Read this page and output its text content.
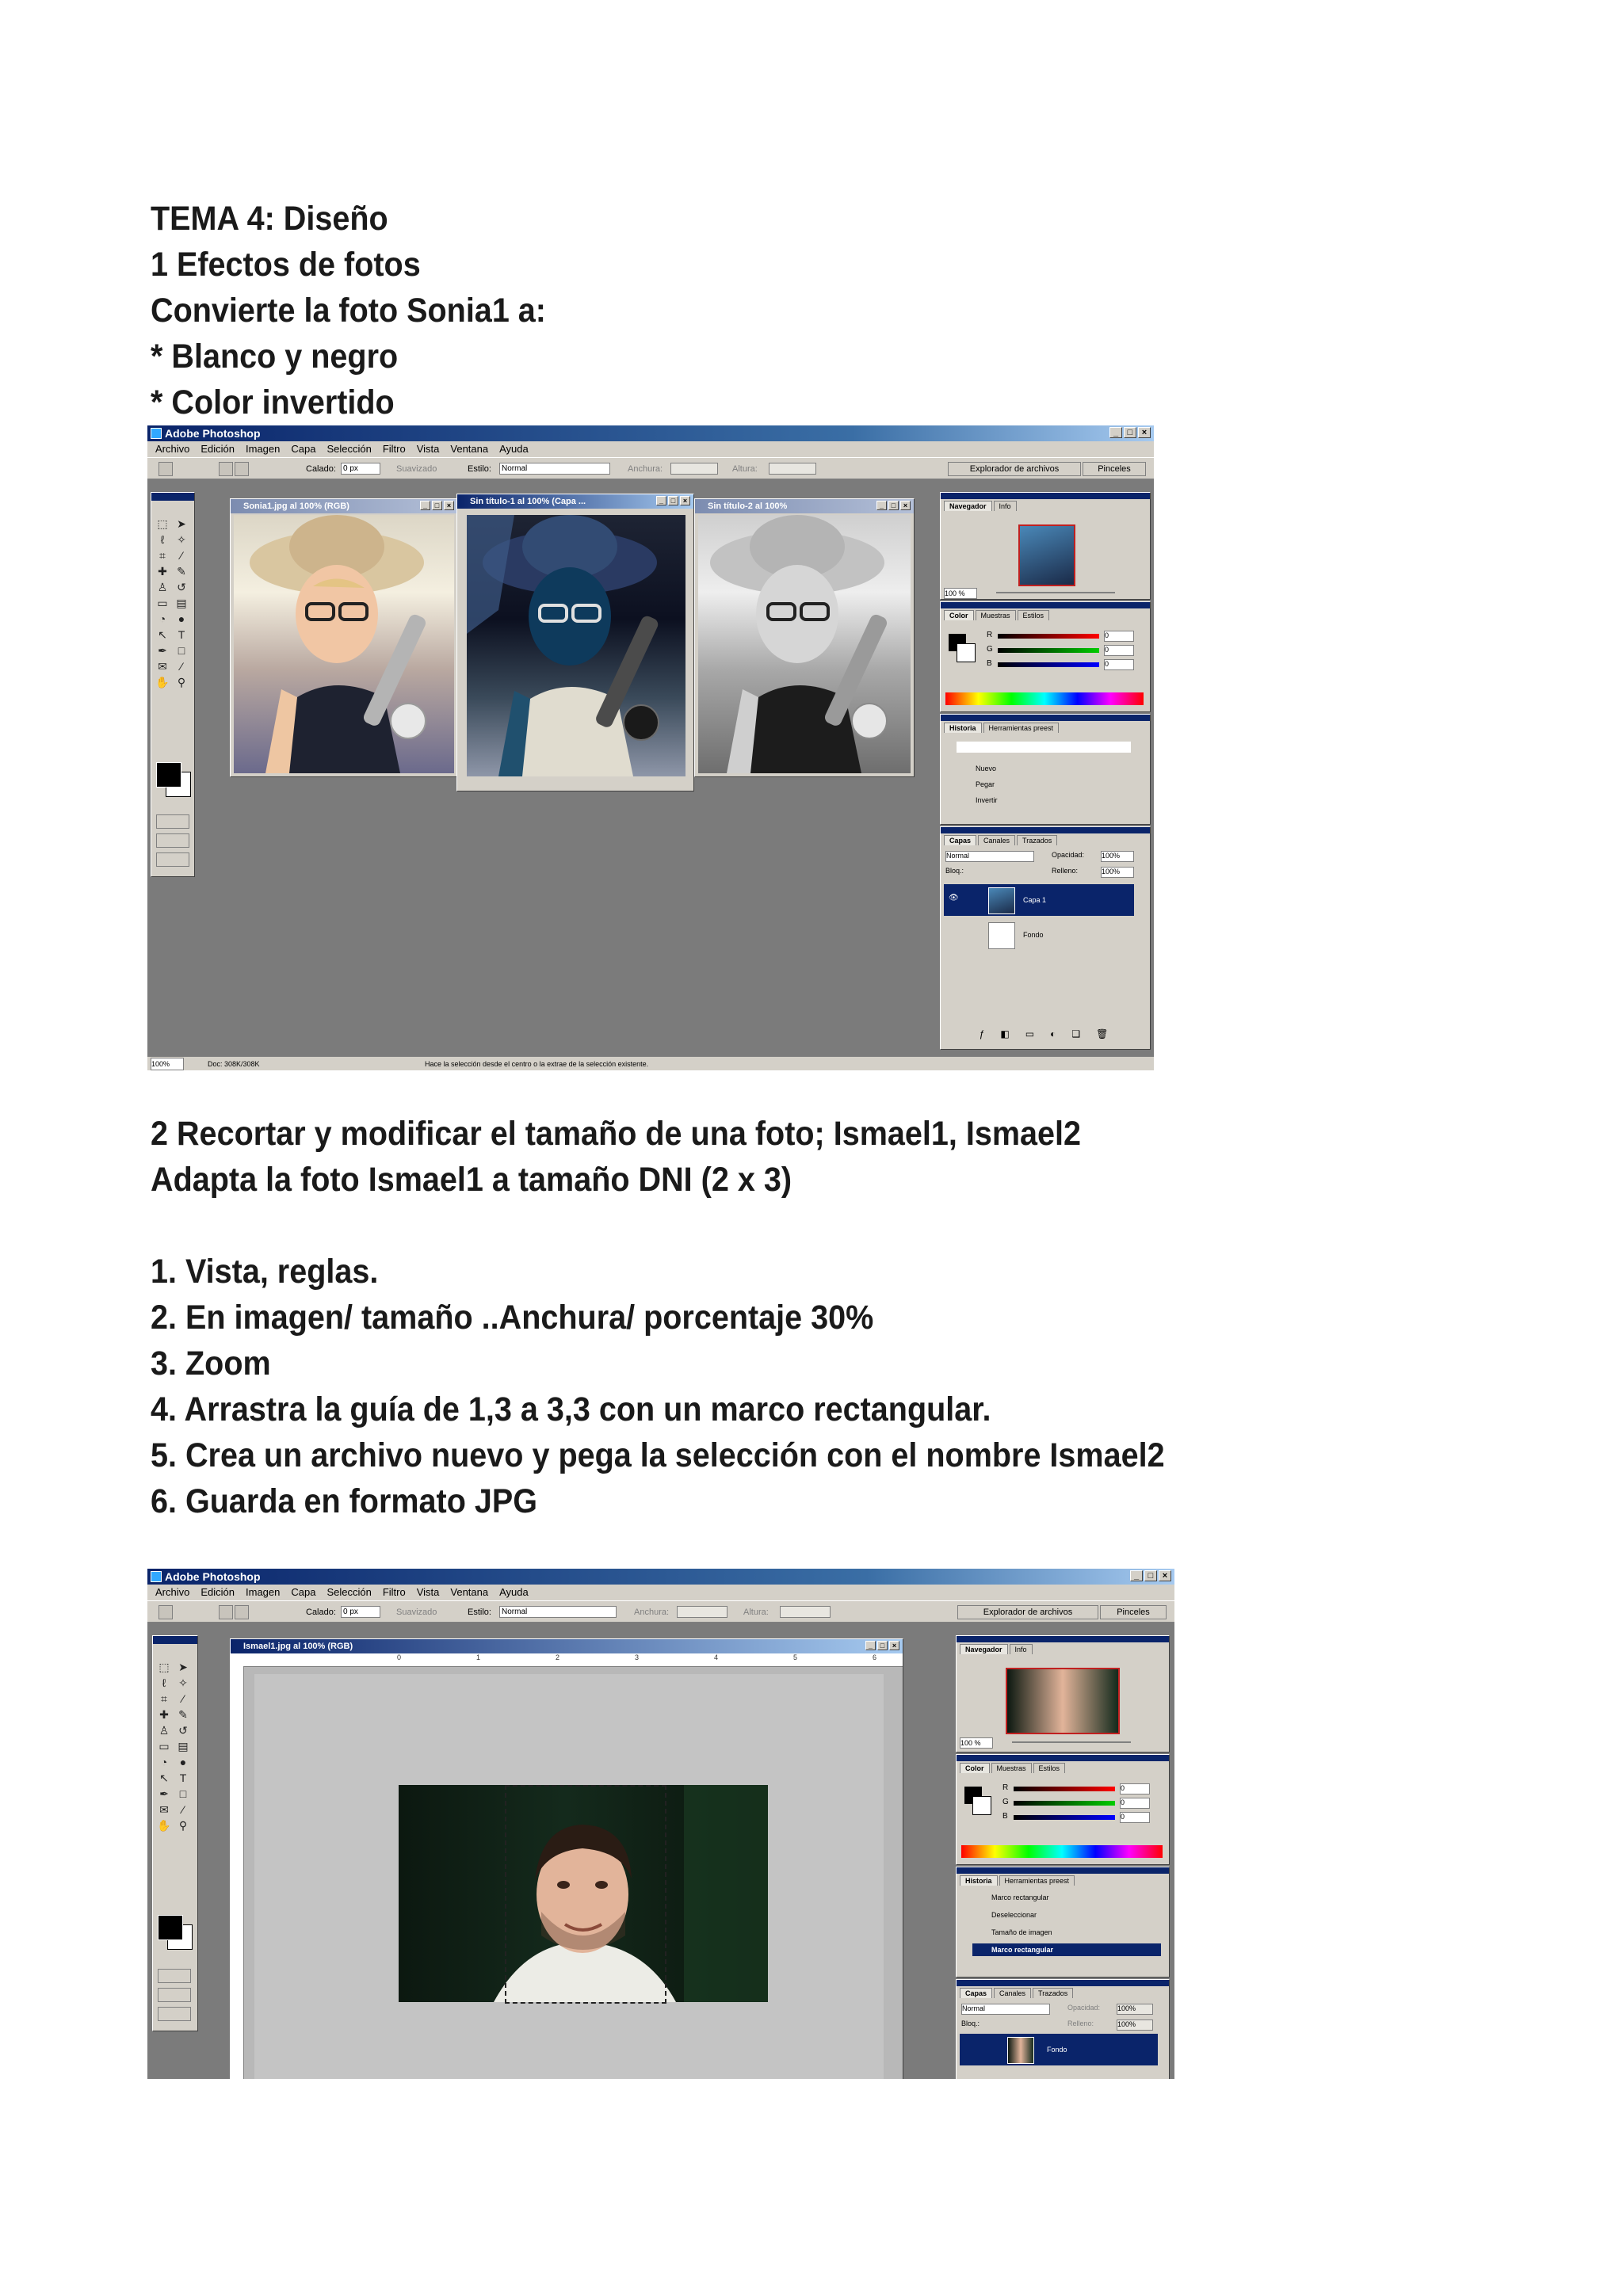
TEMA 4: Diseño
1 Efectos de fotos
Convierte la foto Sonia1 a:
* Blanco y negro
* Color invertido
Adobe Photoshop	_	□	×
Archivo Edición Imagen Capa Selección Filtro Vista Ventana Ayuda
Calado: 0 px	Suavizado	Estilo:	Normal	Anchura:	Altura:	Explorador de archivos	Pinceles
⬚ ➤
ℓ	✧
⌗	⁄
✚ ✎
♙ ↺
▭ ▤
◔	●
↖ T
✒ □
✉	⁄
✋ ⚲
Sonia1.jpg al 100% (RGB)	_	□	×	Sin título-1 al 100% (Capa ...	_	□	×
Sin título-2 al 100%	_	□	×	Navegador	Info
100 %
Color	Muestras	Estilos
R
G
B
0
0
0
Historia	Herramientas preest
Nuevo
Pegar
Invertir
Capas	Canales	Trazados
Normal	Opacidad: 100%
Bloq.:	Relleno:	100%
Capa 1
👁
Fondo
ƒ ◧ ▭ ◐ ❑ 🗑
100%	Doc: 308K/308K	Hace la selección desde el centro o la extrae de la selección existente.
2 Recortar y modificar el tamaño de una foto; Ismael1, Ismael2
Adapta la foto Ismael1 a tamaño DNI (2 x 3)
1. Vista, reglas.
2. En imagen/ tamaño ..Anchura/ porcentaje 30%
3. Zoom
4. Arrastra la guía de 1,3 a 3,3 con un marco rectangular.
5. Crea un archivo nuevo y pega la selección con el nombre Ismael2
6. Guarda en formato JPG
Adobe Photoshop	_	□	×
Archivo Edición Imagen Capa Selección Filtro Vista Ventana Ayuda
Calado: 0 px	Suavizado	Estilo:	Normal	Anchura:	Altura:	Explorador de archivos	Pinceles
⬚ ➤
ℓ	✧
⌗	⁄
✚ ✎
♙ ↺
▭ ▤
◔	●
↖ T
✒ □
✉	⁄
✋ ⚲
Ismael1.jpg al 100% (RGB)	_	□	×
0	1	2	3	4	5	6
Navegador	Info
100 %
Color	Muestras	Estilos
R
G
B
0
0
0
Historia	Herramientas preest
Marco rectangular
Deseleccionar
Tamaño de imagen
Marco rectangular
Capas	Canales	Trazados
Normal	Opacidad: 100%
Bloq.:	Relleno:	100%
Fondo
